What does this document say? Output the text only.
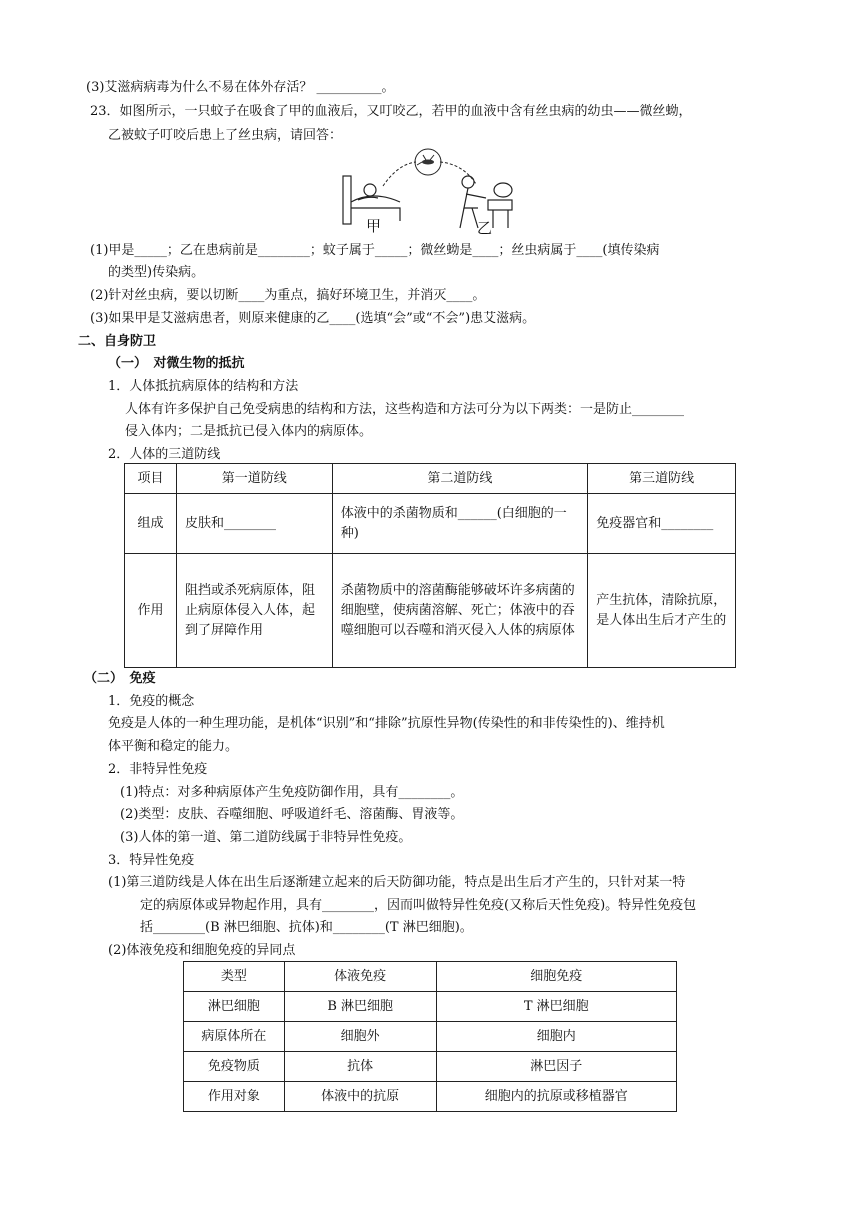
(3)艾滋病病毒为什么不易在体外存活？ __________。
23．如图所示，一只蚊子在吸食了甲的血液后，又叮咬乙，若甲的血液中含有丝虫病的幼虫——微丝蚴，
乙被蚊子叮咬后患上了丝虫病，请回答：
甲	乙
(1)甲是_____；乙在患病前是________；蚊子属于_____；微丝蚴是____；丝虫病属于____(填传染病
的类型)传染病。
(2)针对丝虫病，要以切断____为重点，搞好环境卫生，并消灭____。
(3)如果甲是艾滋病患者，则原来健康的乙____(选填“会”或“不会”)患艾滋病。
二、自身防卫
（一）　对微生物的抵抗
1．人体抵抗病原体的结构和方法
人体有许多保护自己免受病患的结构和方法，这些构造和方法可分为以下两类：一是防止________
侵入体内；二是抵抗已侵入体内的病原体。
2．人体的三道防线
项目	第一道防线	第二道防线	第三道防线
组成	皮肤和________	体液中的杀菌物质和______(白细胞的一种)	免疫器官和________
作用	阻挡或杀死病原体，阻止病原体侵入人体，起到了屏障作用	杀菌物质中的溶菌酶能够破坏许多病菌的细胞壁，使病菌溶解、死亡；体液中的吞噬细胞可以吞噬和消灭侵入人体的病原体	产生抗体，清除抗原，是人体出生后才产生的
（二）　免疫
1．免疫的概念
免疫是人体的一种生理功能，是机体“识别”和“排除”抗原性异物(传染性的和非传染性的)、维持机
体平衡和稳定的能力。
2．非特异性免疫
(1)特点：对多种病原体产生免疫防御作用，具有________。
(2)类型：皮肤、吞噬细胞、呼吸道纤毛、溶菌酶、胃液等。
(3)人体的第一道、第二道防线属于非特异性免疫。
3．特异性免疫
(1)第三道防线是人体在出生后逐渐建立起来的后天防御功能，特点是出生后才产生的，只针对某一特
定的病原体或异物起作用，具有________，因而叫做特异性免疫(又称后天性免疫)。特异性免疫包
括________(B 淋巴细胞、抗体)和________(T 淋巴细胞)。
(2)体液免疫和细胞免疫的异同点
类型	体液免疫	细胞免疫
淋巴细胞	B 淋巴细胞	T 淋巴细胞
病原体所在	细胞外	细胞内
免疫物质	抗体	淋巴因子
作用对象	体液中的抗原	细胞内的抗原或移植器官
